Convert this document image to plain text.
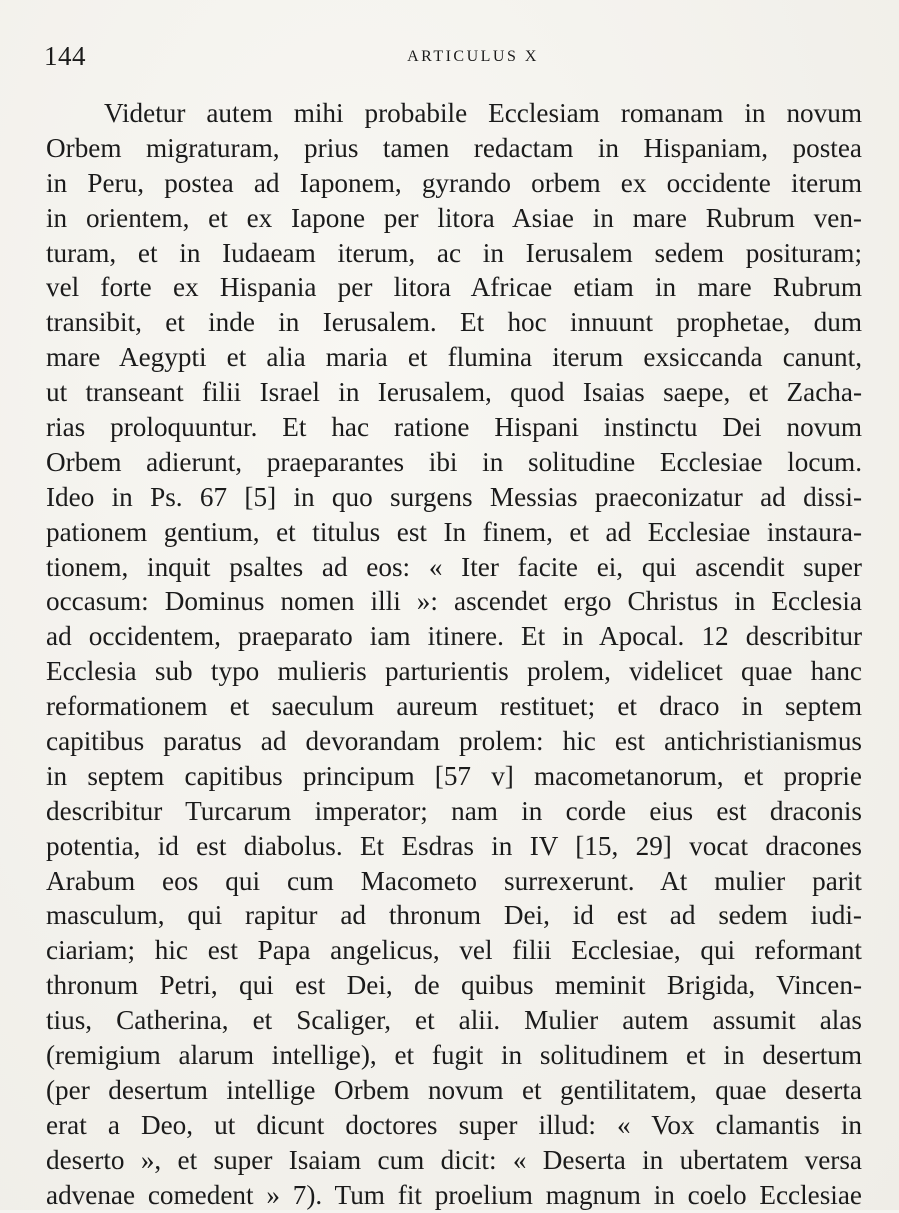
144	ARTICULUS X
Videtur autem mihi probabile Ecclesiam romanam in novum
Orbem migraturam, prius tamen redactam in Hispaniam, postea
in Peru, postea ad Iaponem, gyrando orbem ex occidente iterum
in orientem, et ex Iapone per litora Asiae in mare Rubrum ven-
turam, et in Iudaeam iterum, ac in Ierusalem sedem posituram;
vel forte ex Hispania per litora Africae etiam in mare Rubrum
transibit, et inde in Ierusalem. Et hoc innuunt prophetae, dum
mare Aegypti et alia maria et flumina iterum exsiccanda canunt,
ut transeant filii Israel in Ierusalem, quod Isaias saepe, et Zacha-
rias proloquuntur. Et hac ratione Hispani instinctu Dei novum
Orbem adierunt, praeparantes ibi in solitudine Ecclesiae locum.
Ideo in Ps. 67 [5] in quo surgens Messias praeconizatur ad dissi-
pationem gentium, et titulus est In finem, et ad Ecclesiae instaura-
tionem, inquit psaltes ad eos: « Iter facite ei, qui ascendit super
occasum: Dominus nomen illi »: ascendet ergo Christus in Ecclesia
ad occidentem, praeparato iam itinere. Et in Apocal. 12 describitur
Ecclesia sub typo mulieris parturientis prolem, videlicet quae hanc
reformationem et saeculum aureum restituet; et draco in septem
capitibus paratus ad devorandam prolem: hic est antichristianismus
in septem capitibus principum [57 v] macometanorum, et proprie
describitur Turcarum imperator; nam in corde eius est draconis
potentia, id est diabolus. Et Esdras in IV [15, 29] vocat dracones
Arabum eos qui cum Macometo surrexerunt. At mulier parit
masculum, qui rapitur ad thronum Dei, id est ad sedem iudi-
ciariam; hic est Papa angelicus, vel filii Ecclesiae, qui reformant
thronum Petri, qui est Dei, de quibus meminit Brigida, Vincen-
tius, Catherina, et Scaliger, et alii. Mulier autem assumit alas
(remigium alarum intellige), et fugit in solitudinem et in desertum
(per desertum intellige Orbem novum et gentilitatem, quae deserta
erat a Deo, ut dicunt doctores super illud: « Vox clamantis in
deserto », et super Isaiam cum dicit: « Deserta in ubertatem versa
advenae comedent » 7). Tum fit proelium magnum in coelo Ecclesiae
